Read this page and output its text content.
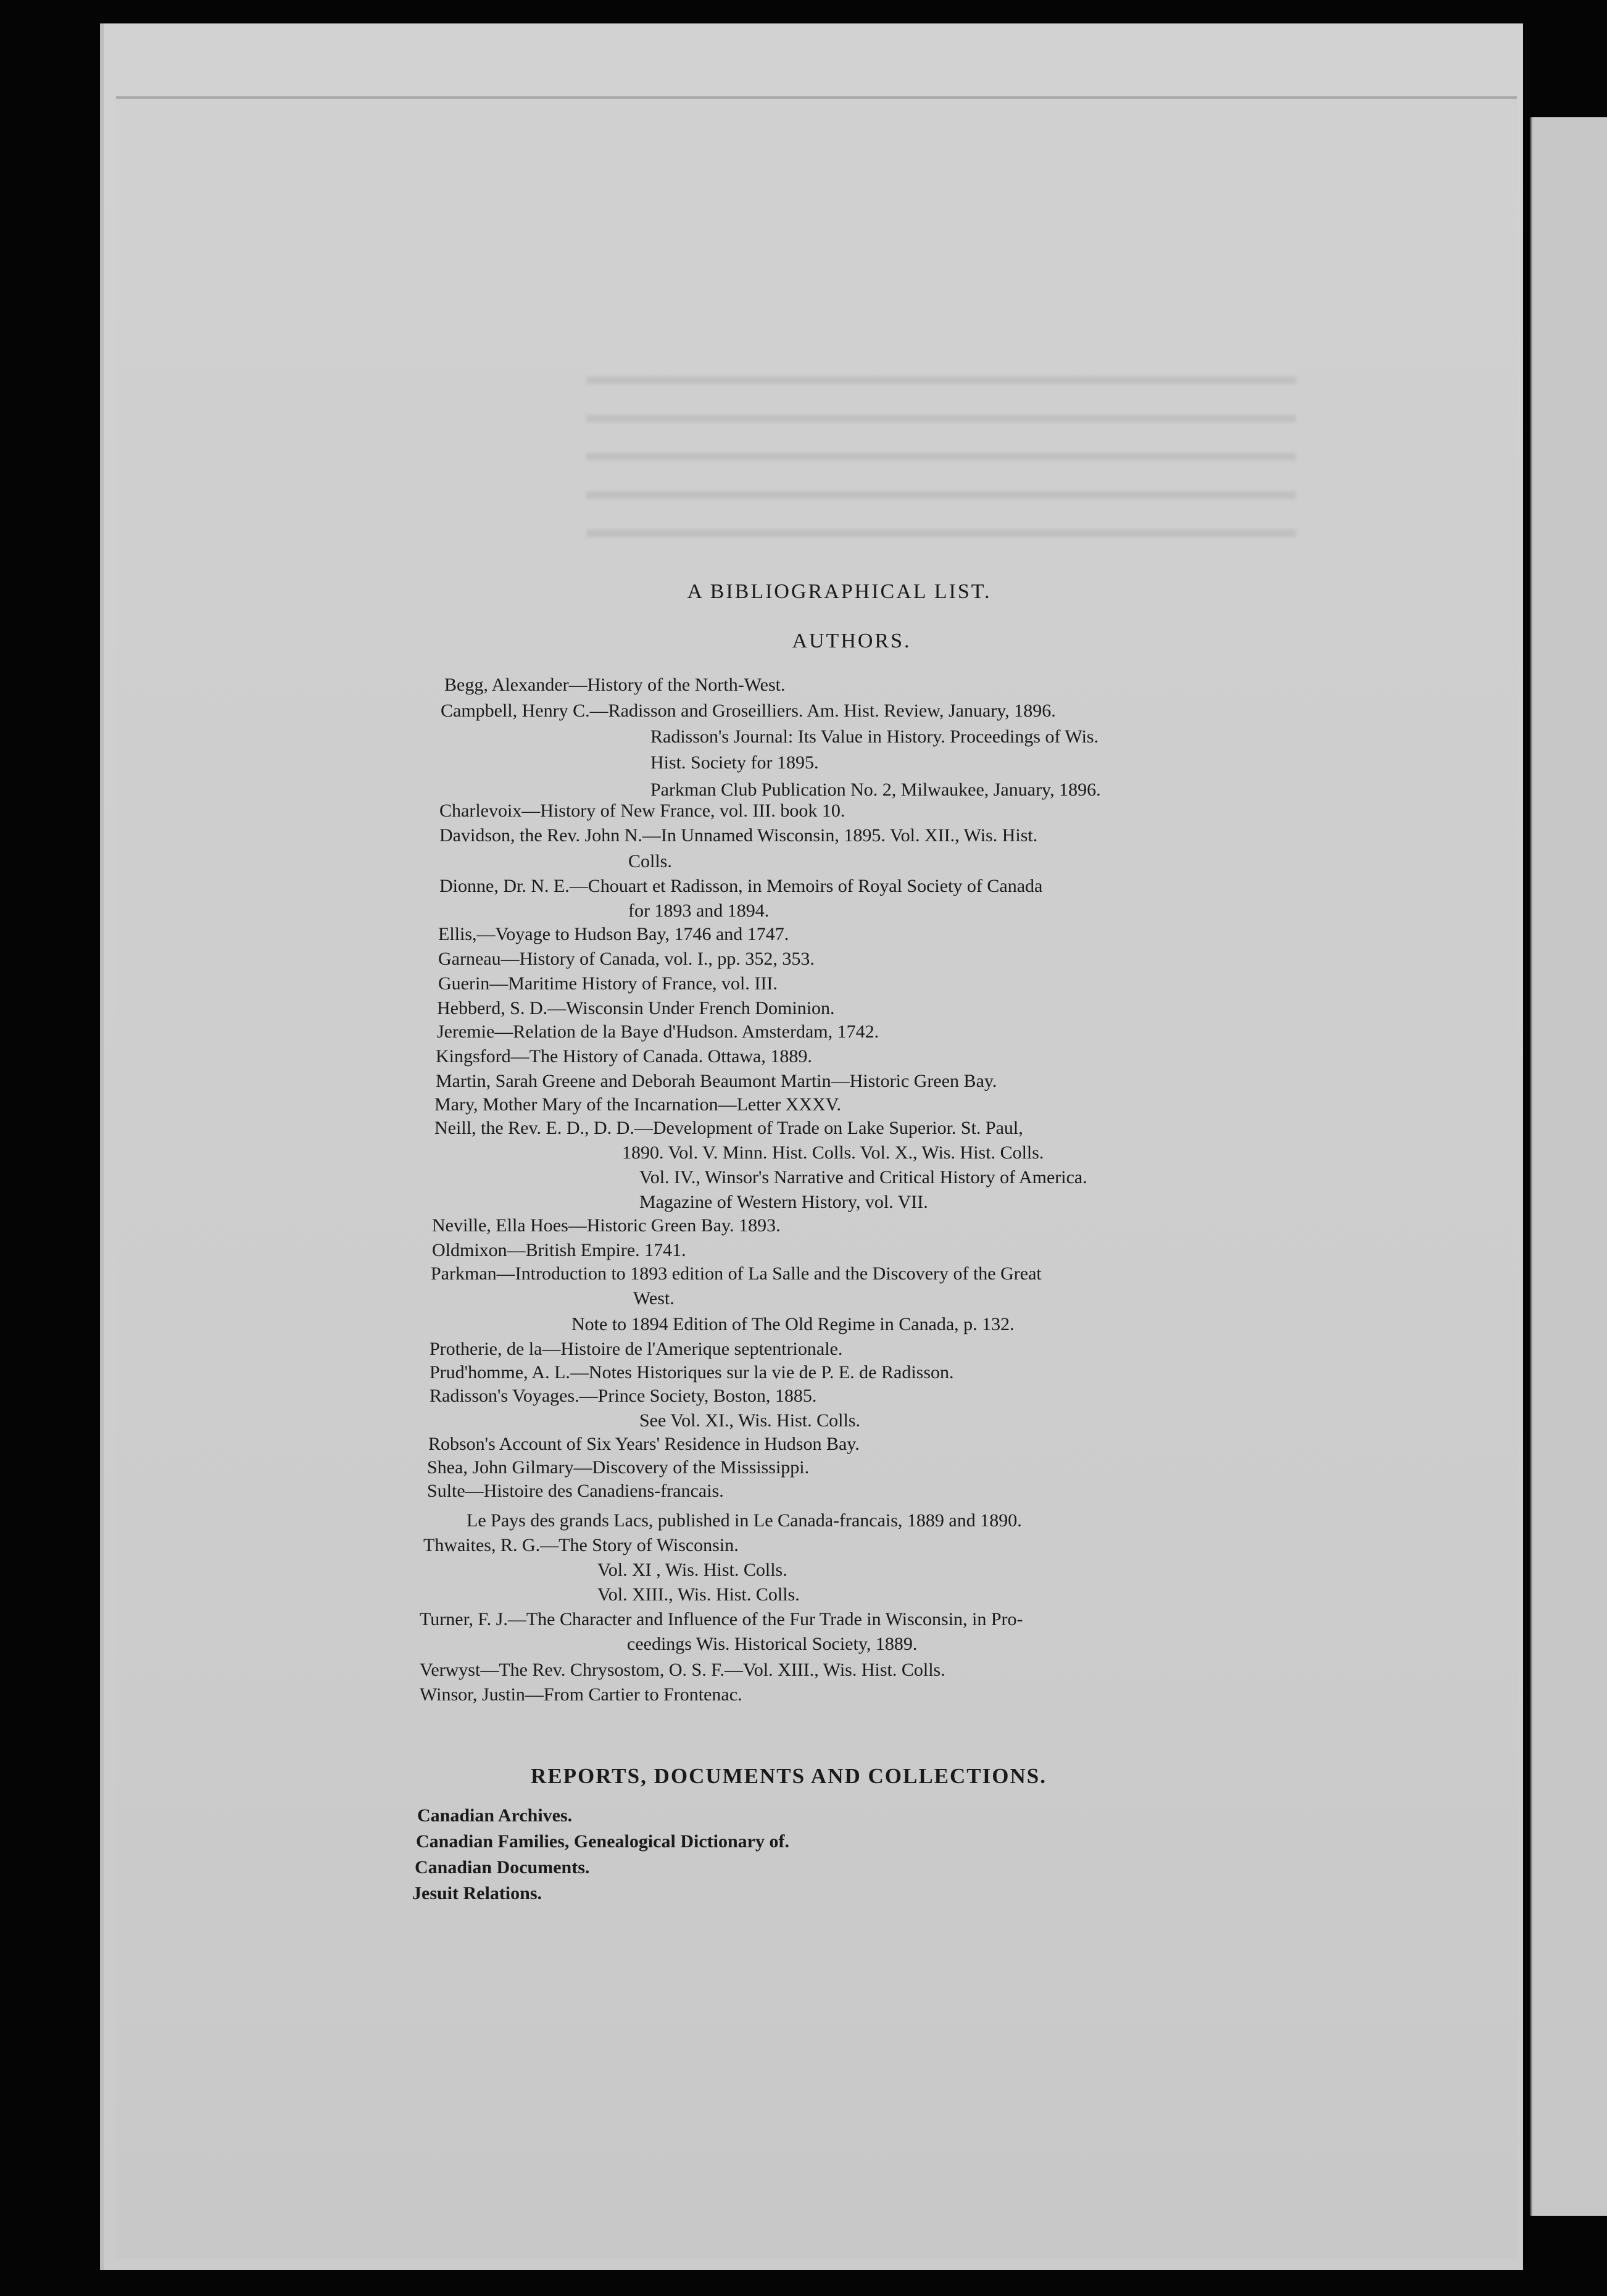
A BIBLIOGRAPHICAL LIST.
AUTHORS.

Begg, Alexander—History of the North-West.

Campbell, Henry C.—Radisson and Groseilliers. Am. Hist. Review, January, 1896.

Radisson's Journal: Its Value in History. Proceedings of Wis.

Hist. Society for 1895.

Parkman Club Publication No. 2, Milwaukee, January, 1896.

Charlevoix—History of New France, vol. III. book 10.

Davidson, the Rev. John N.—In Unnamed Wisconsin, 1895. Vol. XII., Wis. Hist.

Colls.

Dionne, Dr. N. E.—Chouart et Radisson, in Memoirs of Royal Society of Canada

for 1893 and 1894.

Ellis,—Voyage to Hudson Bay, 1746 and 1747.

Garneau—History of Canada, vol. I., pp. 352, 353.

Guerin—Maritime History of France, vol. III.

Hebberd, S. D.—Wisconsin Under French Dominion.

Jeremie—Relation de la Baye d'Hudson. Amsterdam, 1742.

Kingsford—The History of Canada. Ottawa, 1889.

Martin, Sarah Greene and Deborah Beaumont Martin—Historic Green Bay.

Mary, Mother Mary of the Incarnation—Letter XXXV.

Neill, the Rev. E. D., D. D.—Development of Trade on Lake Superior. St. Paul,

1890. Vol. V. Minn. Hist. Colls. Vol. X., Wis. Hist. Colls.

Vol. IV., Winsor's Narrative and Critical History of America.

Magazine of Western History, vol. VII.

Neville, Ella Hoes—Historic Green Bay. 1893.

Oldmixon—British Empire. 1741.

Parkman—Introduction to 1893 edition of La Salle and the Discovery of the Great

West.

Note to 1894 Edition of The Old Regime in Canada, p. 132.

Protherie, de la—Histoire de l'Amerique septentrionale.

Prud'homme, A. L.—Notes Historiques sur la vie de P. E. de Radisson.

Radisson's Voyages.—Prince Society, Boston, 1885.

See Vol. XI., Wis. Hist. Colls.

Robson's Account of Six Years' Residence in Hudson Bay.

Shea, John Gilmary—Discovery of the Mississippi.

Sulte—Histoire des Canadiens-francais.

Le Pays des grands Lacs, published in Le Canada-francais, 1889 and 1890.

Thwaites, R. G.—The Story of Wisconsin.

Vol. XI , Wis. Hist. Colls.

Vol. XIII., Wis. Hist. Colls.

Turner, F. J.—The Character and Influence of the Fur Trade in Wisconsin, in Pro-

ceedings Wis. Historical Society, 1889.

Verwyst—The Rev. Chrysostom, O. S. F.—Vol. XIII., Wis. Hist. Colls.

Winsor, Justin—From Cartier to Frontenac.

REPORTS, DOCUMENTS AND COLLECTIONS.

Canadian Archives.

Canadian Families, Genealogical Dictionary of.

Canadian Documents.

Jesuit Relations.
